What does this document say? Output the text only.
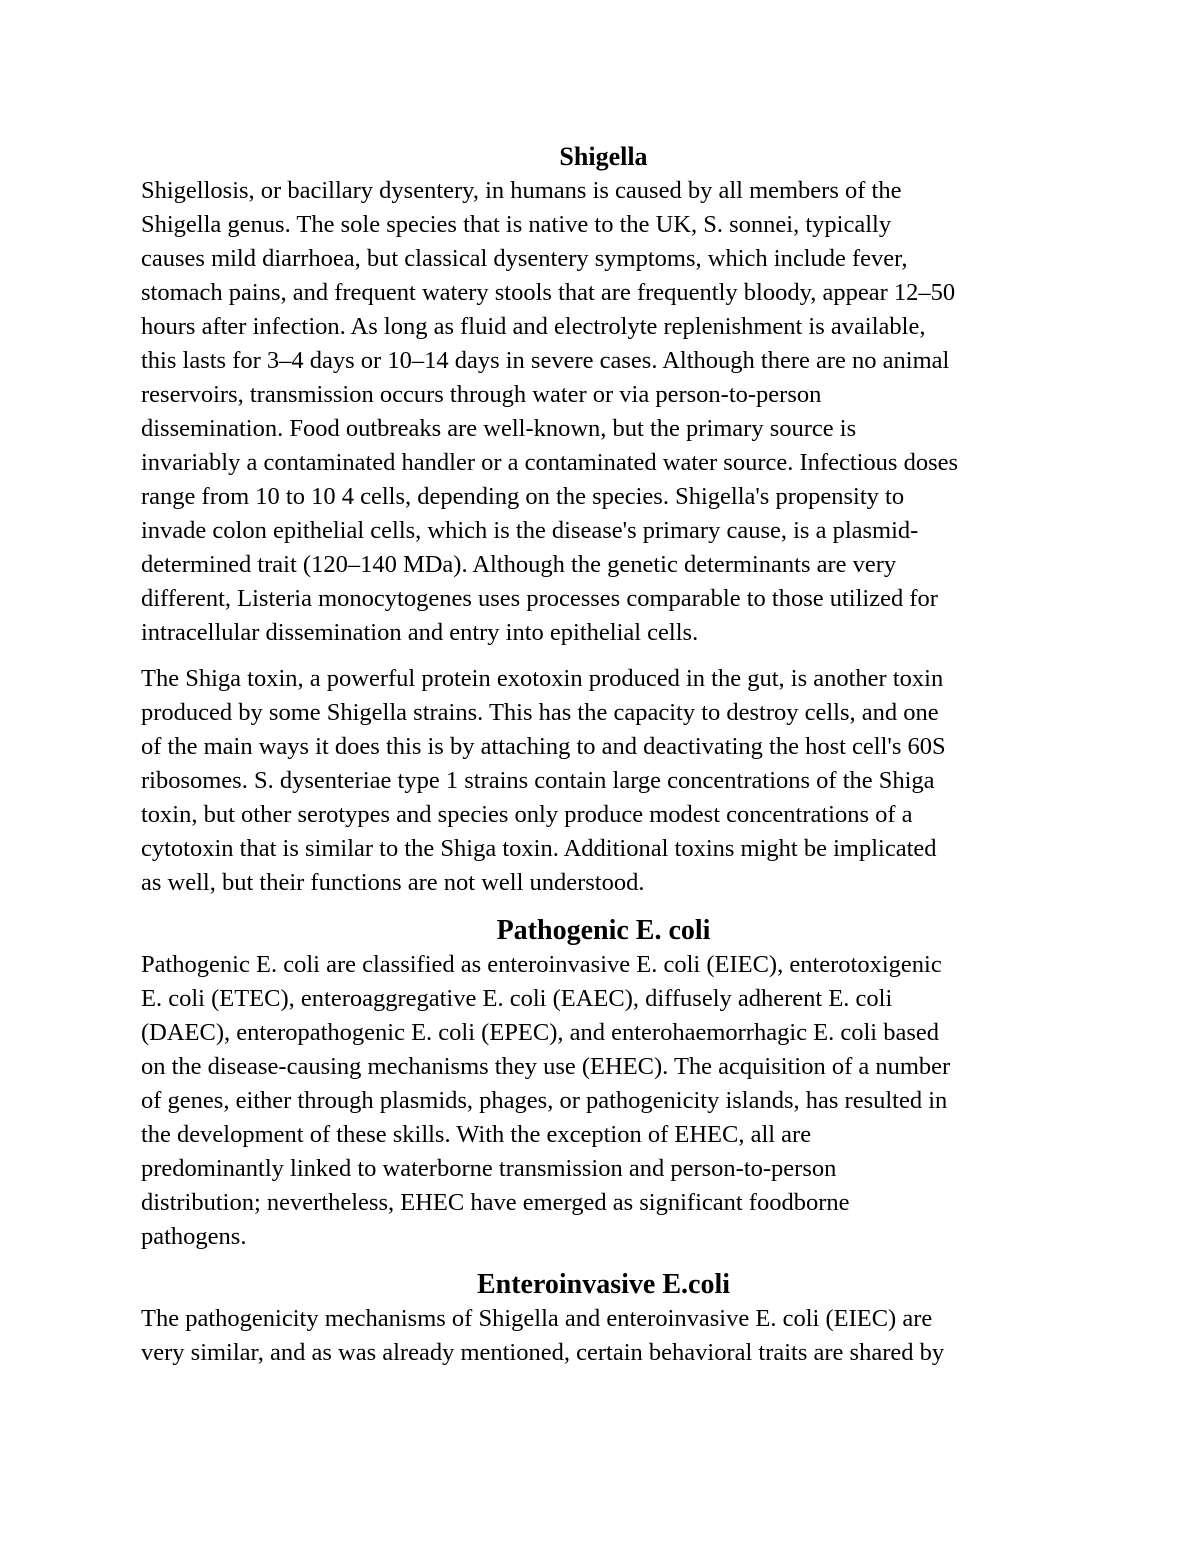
Shigella

Shigellosis, or bacillary dysentery, in humans is caused by all members of the
Shigella genus. The sole species that is native to the UK, S. sonnei, typically
causes mild diarrhoea, but classical dysentery symptoms, which include fever,
stomach pains, and frequent watery stools that are frequently bloody, appear 12–50
hours after infection. As long as fluid and electrolyte replenishment is available,
this lasts for 3–4 days or 10–14 days in severe cases. Although there are no animal
reservoirs, transmission occurs through water or via person-to-person
dissemination. Food outbreaks are well-known, but the primary source is
invariably a contaminated handler or a contaminated water source. Infectious doses
range from 10 to 10 4 cells, depending on the species. Shigella's propensity to
invade colon epithelial cells, which is the disease's primary cause, is a plasmid-
determined trait (120–140 MDa). Although the genetic determinants are very
different, Listeria monocytogenes uses processes comparable to those utilized for
intracellular dissemination and entry into epithelial cells.

The Shiga toxin, a powerful protein exotoxin produced in the gut, is another toxin
produced by some Shigella strains. This has the capacity to destroy cells, and one
of the main ways it does this is by attaching to and deactivating the host cell's 60S
ribosomes. S. dysenteriae type 1 strains contain large concentrations of the Shiga
toxin, but other serotypes and species only produce modest concentrations of a
cytotoxin that is similar to the Shiga toxin. Additional toxins might be implicated
as well, but their functions are not well understood.

Pathogenic E. coli

Pathogenic E. coli are classified as enteroinvasive E. coli (EIEC), enterotoxigenic
E. coli (ETEC), enteroaggregative E. coli (EAEC), diffusely adherent E. coli
(DAEC), enteropathogenic E. coli (EPEC), and enterohaemorrhagic E. coli based
on the disease-causing mechanisms they use (EHEC). The acquisition of a number
of genes, either through plasmids, phages, or pathogenicity islands, has resulted in
the development of these skills. With the exception of EHEC, all are
predominantly linked to waterborne transmission and person-to-person
distribution; nevertheless, EHEC have emerged as significant foodborne
pathogens.

Enteroinvasive E.coli

The pathogenicity mechanisms of Shigella and enteroinvasive E. coli (EIEC) are
very similar, and as was already mentioned, certain behavioral traits are shared by
